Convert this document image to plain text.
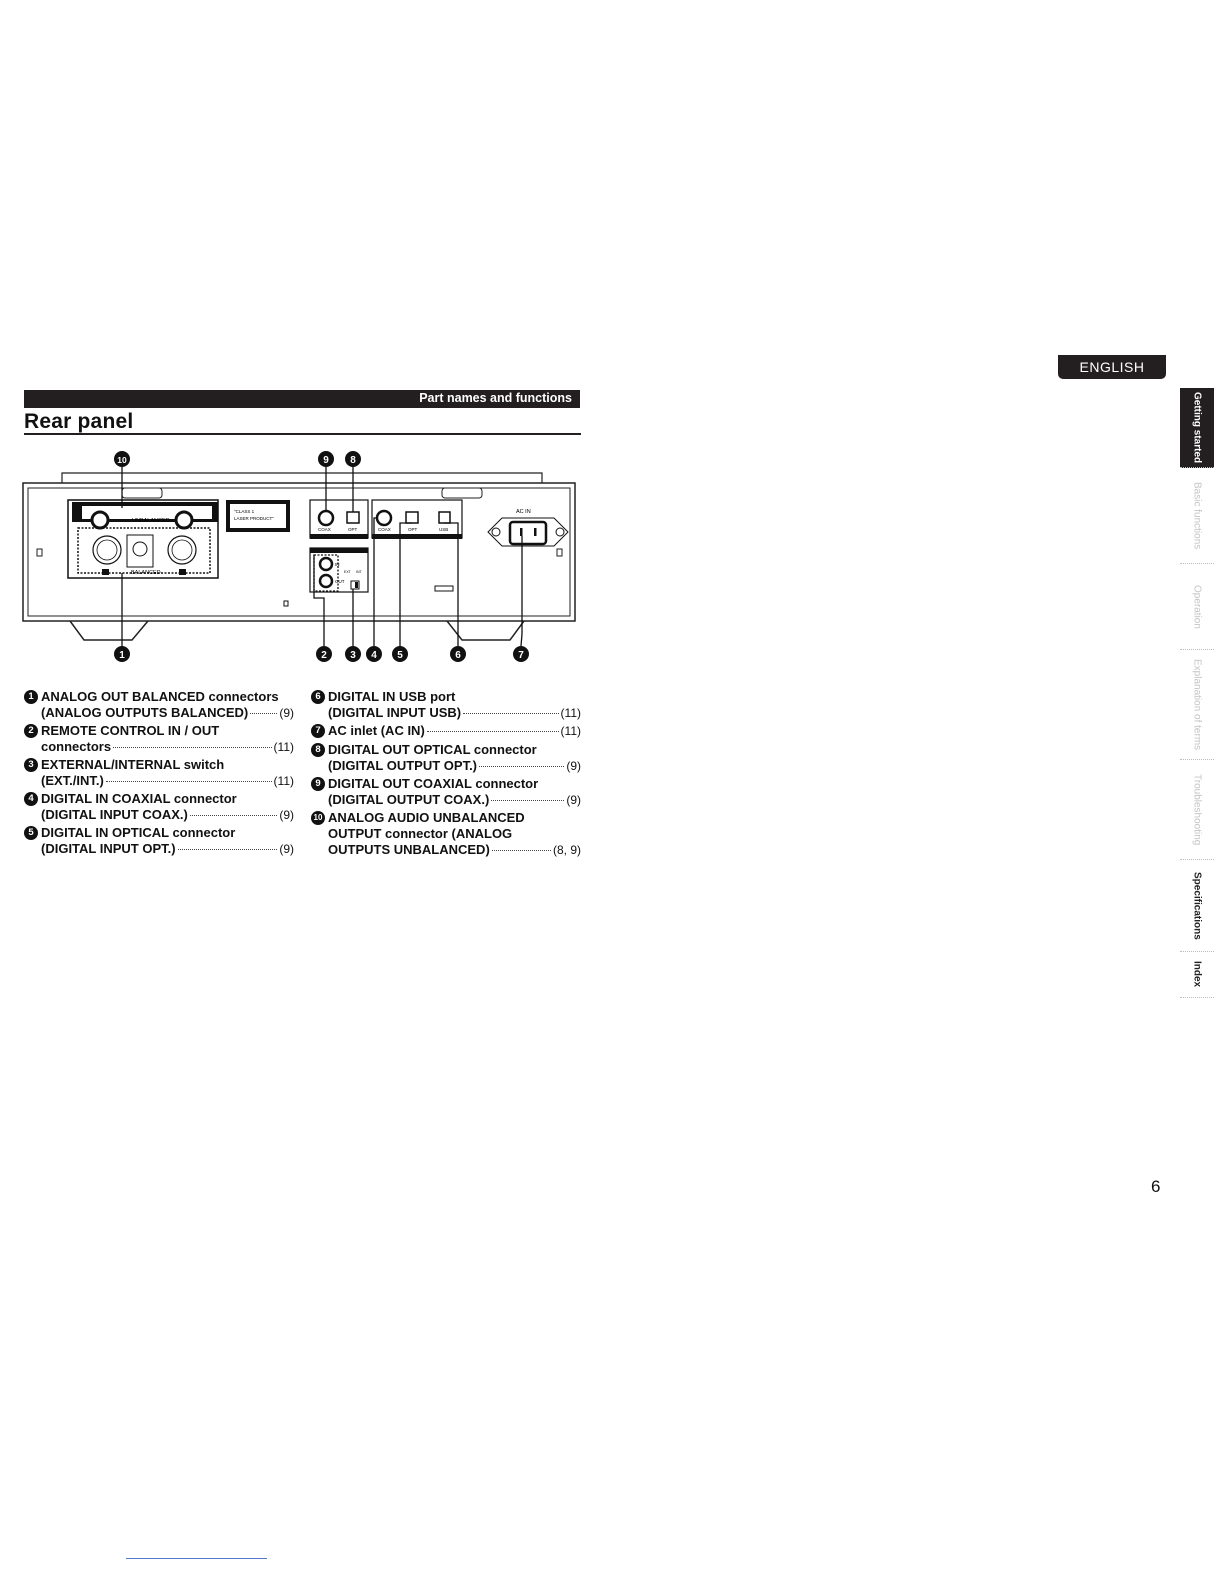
ENGLISH
Getting started
Basic functions
Operation
Explanation of terms
Troubleshooting
Specifications
Index
Part names and functions
Rear panel
UNBALANCED
BALANCED
"CLASS 1
LASER PRODUCT"
COAX	OPT	COAX	OPT	USB
IN
OUT
EXT INT
AC IN
10	9 8
1	2 3 4 5	6	7
1 ANALOG OUT BALANCED connectors
(ANALOG OUTPUTS BALANCED)	(9)
2 REMOTE CONTROL IN / OUT
connectors	(11)
3 EXTERNAL/INTERNAL switch
(EXT./INT.)	(11)
4 DIGITAL IN COAXIAL connector
(DIGITAL INPUT COAX.)	(9)
5 DIGITAL IN OPTICAL connector
(DIGITAL INPUT OPT.)	(9)
6 DIGITAL IN USB port
(DIGITAL INPUT USB)	(11)
7 AC inlet (AC IN)	(11)
8 DIGITAL OUT OPTICAL connector
(DIGITAL OUTPUT OPT.)	(9)
9 DIGITAL OUT COAXIAL connector
(DIGITAL OUTPUT COAX.)	(9)
10 ANALOG AUDIO UNBALANCED
OUTPUT connector (ANALOG
OUTPUTS UNBALANCED)	(8, 9)
6
